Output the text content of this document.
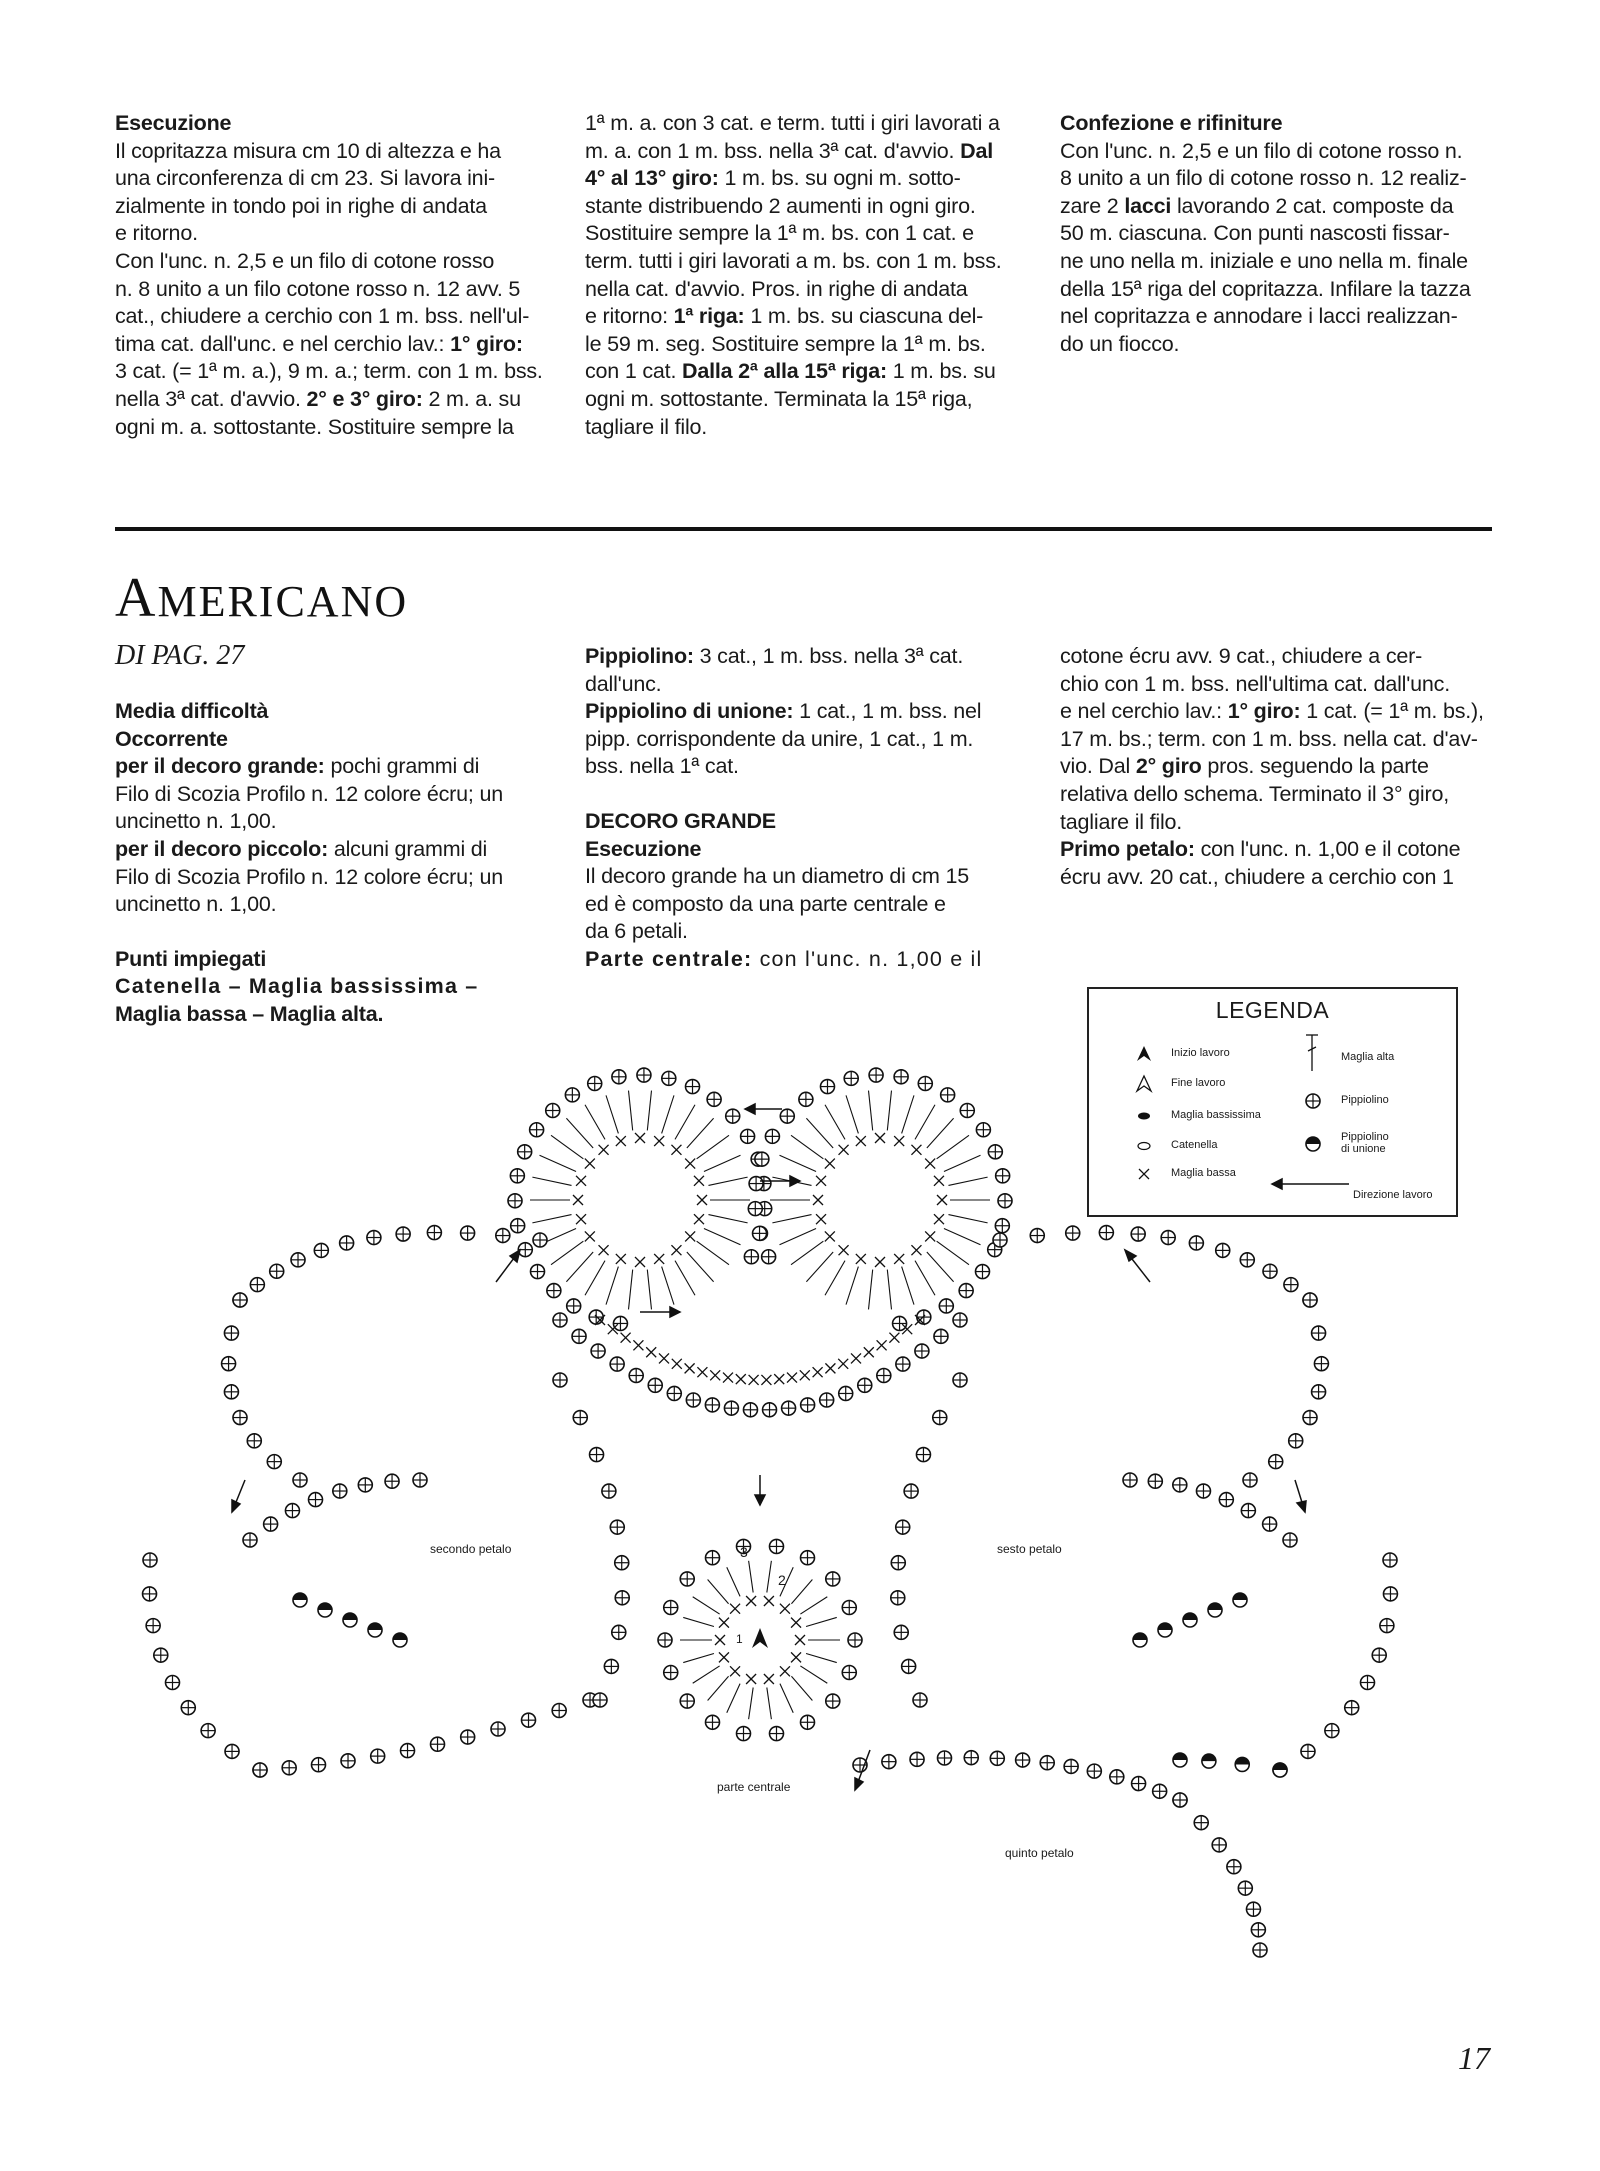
Esecuzione

Il copritazza misura cm 10 di altezza e ha

una circonferenza di cm 23. Si lavora ini-

zialmente in tondo poi in righe di andata

e ritorno.

Con l'unc. n. 2,5 e un filo di cotone rosso

n. 8 unito a un filo cotone rosso n. 12 avv. 5

cat., chiudere a cerchio con 1 m. bss. nell'ul-

tima cat. dall'unc. e nel cerchio lav.: 1° giro:

3 cat. (= 1ª m. a.), 9 m. a.; term. con 1 m. bss.

nella 3ª cat. d'avvio. 2° e 3° giro: 2 m. a. su

ogni m. a. sottostante. Sostituire sempre la

1ª m. a. con 3 cat. e term. tutti i giri lavorati a

m. a. con 1 m. bss. nella 3ª cat. d'avvio. Dal

4° al 13° giro: 1 m. bs. su ogni m. sotto-

stante distribuendo 2 aumenti in ogni giro.

Sostituire sempre la 1ª m. bs. con 1 cat. e

term. tutti i giri lavorati a m. bs. con 1 m. bss.

nella cat. d'avvio. Pros. in righe di andata

e ritorno: 1ª riga: 1 m. bs. su ciascuna del-

le 59 m. seg. Sostituire sempre la 1ª m. bs.

con 1 cat. Dalla 2ª alla 15ª riga: 1 m. bs. su

ogni m. sottostante. Terminata la 15ª riga,

tagliare il filo.

Confezione e rifiniture

Con l'unc. n. 2,5 e un filo di cotone rosso n.

8 unito a un filo di cotone rosso n. 12 realiz-

zare 2 lacci lavorando 2 cat. composte da

50 m. ciascuna. Con punti nascosti fissar-

ne uno nella m. iniziale e uno nella m. finale

della 15ª riga del copritazza. Infilare la tazza

nel copritazza e annodare i lacci realizzan-

do un fiocco.

AMERICANO
DI PAG. 27

Media difficoltà

Occorrente

per il decoro grande: pochi grammi di

Filo di Scozia Profilo n. 12 colore écru; un

uncinetto n. 1,00.

per il decoro piccolo: alcuni grammi di

Filo di Scozia Profilo n. 12 colore écru; un

uncinetto n. 1,00.

Punti impiegati

Catenella – Maglia bassissima –

Maglia bassa – Maglia alta.

Pippiolino: 3 cat., 1 m. bss. nella 3ª cat.

dall'unc.

Pippiolino di unione: 1 cat., 1 m. bss. nel

pipp. corrispondente da unire, 1 cat., 1 m.

bss. nella 1ª cat.

DECORO GRANDE

Esecuzione

Il decoro grande ha un diametro di cm 15

ed è composto da una parte centrale e

da 6 petali.

Parte centrale: con l'unc. n. 1,00 e il

cotone écru avv. 9 cat., chiudere a cer-

chio con 1 m. bss. nell'ultima cat. dall'unc.

e nel cerchio lav.: 1° giro: 1 cat. (= 1ª m. bs.),

17 m. bs.; term. con 1 m. bss. nella cat. d'av-

vio. Dal 2° giro pros. seguendo la parte

relativa dello schema. Terminato il 3° giro,

tagliare il filo.

Primo petalo: con l'unc. n. 1,00 e il cotone

écru avv. 20 cat., chiudere a cerchio con 1

secondo petalo	sesto petalo
parte centrale
quinto petalo
1
2
3
LEGENDA
Inizio lavoro
Fine lavoro
Maglia bassissima
Catenella
Maglia bassa
Maglia alta
Pippiolino
Pippiolino
di unione
Direzione lavoro
17
